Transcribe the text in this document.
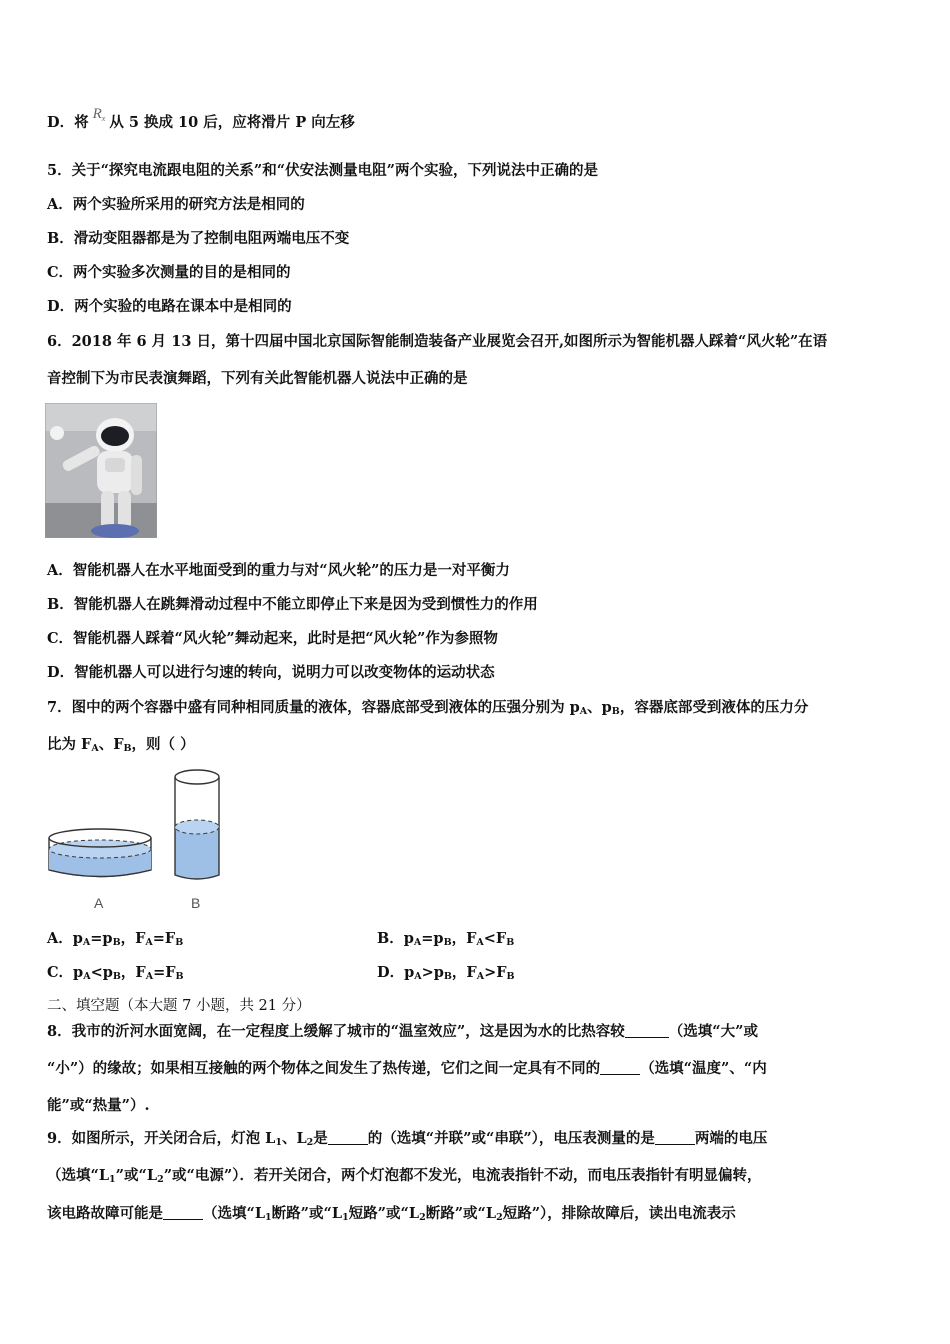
D．将 $R_x$ 从 5 换成 10 后，应将滑片 P 向左移
5．关于“探究电流跟电阻的关系”和“伏安法测量电阻”两个实验，下列说法中正确的是
A．两个实验所采用的研究方法是相同的
B．滑动变阻器都是为了控制电阻两端电压不变
C．两个实验多次测量的目的是相同的
D．两个实验的电路在课本中是相同的
6．2018 年 6 月 13 日，第十四届中国北京国际智能制造装备产业展览会召开,如图所示为智能机器人踩着“风火轮”在语
音控制下为市民表演舞蹈，下列有关此智能机器人说法中正确的是
A．智能机器人在水平地面受到的重力与对“风火轮”的压力是一对平衡力
B．智能机器人在跳舞滑动过程中不能立即停止下来是因为受到惯性力的作用
C．智能机器人踩着“风火轮”舞动起来，此时是把“风火轮”作为参照物
D．智能机器人可以进行匀速的转向，说明力可以改变物体的运动状态
7．图中的两个容器中盛有同种相同质量的液体，容器底部受到液体的压强分别为 $p_A$、$p_B$，容器底部受到液体的压力分
比为 $F_A$、$F_B$，则（ ）
A	B
A．$p_A=p_B$，$F_A=F_B$	B．$p_A=p_B$，$F_A<F_B$
C．$p_A<p_B$，$F_A=F_B$	D．$p_A>p_B$，$F_A>F_B$
二、填空题（本大题 7 小题，共 21 分）
8．我市的沂河水面宽阔，在一定程度上缓解了城市的“温室效应”，这是因为水的比热容较	（选填“大”或
“小”）的缘故；如果相互接触的两个物体之间发生了热传递，它们之间一定具有不同的	（选填“温度”、“内
能”或“热量”）.
9．如图所示，开关闭合后，灯泡 $L_1$、$L_2$是	的（选填“并联”或“串联”），电压表测量的是	两端的电压
（选填“$L_1$”或“$L_2$”或“电源”）．若开关闭合，两个灯泡都不发光，电流表指针不动，而电压表指针有明显偏转，
该电路故障可能是	（选填“$L_1$断路”或“$L_1$短路”或“$L_2$断路”或“$L_2$短路”），排除故障后，读出电流表示
